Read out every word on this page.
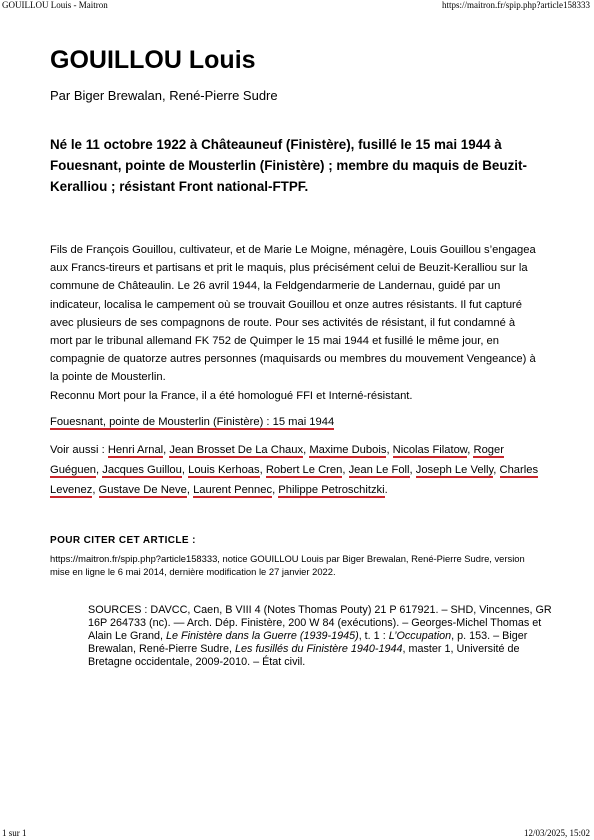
GOUILLOU Louis - Maitron	https://maitron.fr/spip.php?article158333
GOUILLOU Louis
Par Biger Brewalan, René-Pierre Sudre
Né le 11 octobre 1922 à Châteauneuf (Finistère), fusillé le 15 mai 1944 à Fouesnant, pointe de Mousterlin (Finistère) ; membre du maquis de Beuzit-Keralliou ; résistant Front national-FTPF.

Fils de François Gouillou, cultivateur, et de Marie Le Moigne, ménagère, Louis Gouillou s’engagea aux Francs-tireurs et partisans et prit le maquis, plus précisément celui de Beuzit-Keralliou sur la commune de Châteaulin. Le 26 avril 1944, la Feldgendarmerie de Landernau, guidé par un indicateur, localisa le campement où se trouvait Gouillou et onze autres résistants. Il fut capturé avec plusieurs de ses compagnons de route. Pour ses activités de résistant, il fut condamné à mort par le tribunal allemand FK 752 de Quimper le 15 mai 1944 et fusillé le même jour, en compagnie de quatorze autres personnes (maquisards ou membres du mouvement Vengeance) à la pointe de Mousterlin.

Reconnu Mort pour la France, il a été homologué FFI et Interné-résistant.

Fouesnant, pointe de Mousterlin (Finistère) : 15 mai 1944
Voir aussi : Henri Arnal, Jean Brosset De La Chaux, Maxime Dubois, Nicolas Filatow, Roger Guéguen, Jacques Guillou, Louis Kerhoas, Robert Le Cren, Jean Le Foll, Joseph Le Velly, Charles Levenez, Gustave De Neve, Laurent Pennec, Philippe Petroschitzki.
POUR CITER CET ARTICLE :
https://maitron.fr/spip.php?article158333, notice GOUILLOU Louis par Biger Brewalan, René-Pierre Sudre, version mise en ligne le 6 mai 2014, dernière modification le 27 janvier 2022.
SOURCES : DAVCC, Caen, B VIII 4 (Notes Thomas Pouty) 21 P 617921. – SHD, Vincennes, GR 16P 264733 (nc). — Arch. Dép. Finistère, 200 W 84 (exécutions). – Georges-Michel Thomas et Alain Le Grand, Le Finistère dans la Guerre (1939-1945), t. 1 : L’Occupation, p. 153. – Biger Brewalan, René-Pierre Sudre, Les fusillés du Finistère 1940-1944, master 1, Université de Bretagne occidentale, 2009-2010. – État civil.
1 sur 1	12/03/2025, 15:02
